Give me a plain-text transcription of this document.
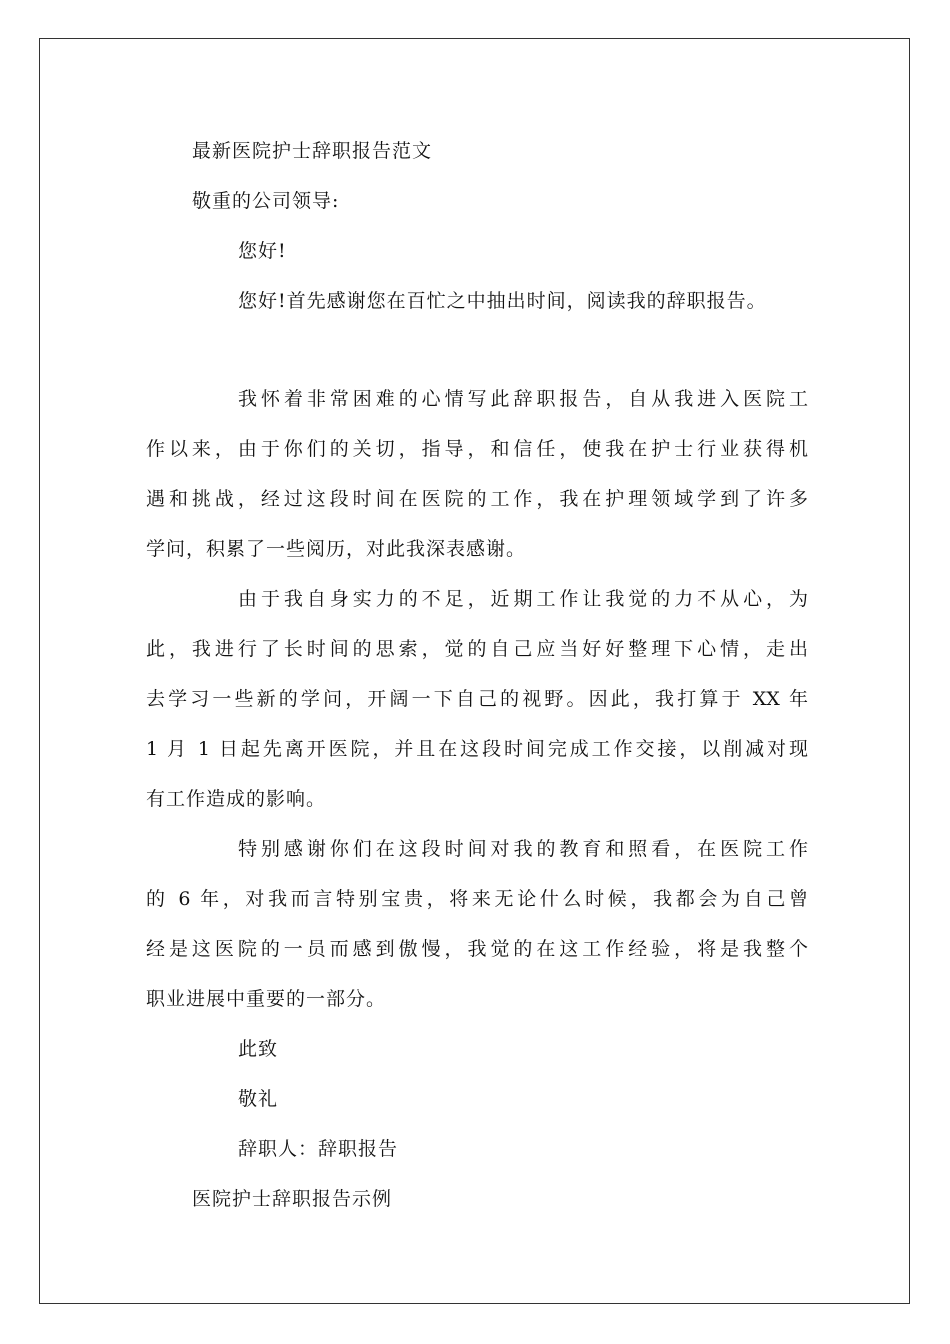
最新医院护士辞职报告范文
敬重的公司领导:
您好!
您好!首先感谢您在百忙之中抽出时间，阅读我的辞职报告。
我怀着非常困难的心情写此辞职报告，自从我进入医院工
作以来，由于你们的关切，指导，和信任，使我在护士行业获得机
遇和挑战，经过这段时间在医院的工作，我在护理领域学到了许多
学问，积累了一些阅历，对此我深表感谢。
由于我自身实力的不足，近期工作让我觉的力不从心，为
此，我进行了长时间的思索，觉的自己应当好好整理下心情，走出
去学习一些新的学问，开阔一下自己的视野。因此，我打算于 XX 年
1 月 1 日起先离开医院，并且在这段时间完成工作交接，以削减对现
有工作造成的影响。
特别感谢你们在这段时间对我的教育和照看，在医院工作
的 6 年，对我而言特别宝贵，将来无论什么时候，我都会为自己曾
经是这医院的一员而感到傲慢，我觉的在这工作经验，将是我整个
职业进展中重要的一部分。
此致
敬礼
辞职人：辞职报告
医院护士辞职报告示例
